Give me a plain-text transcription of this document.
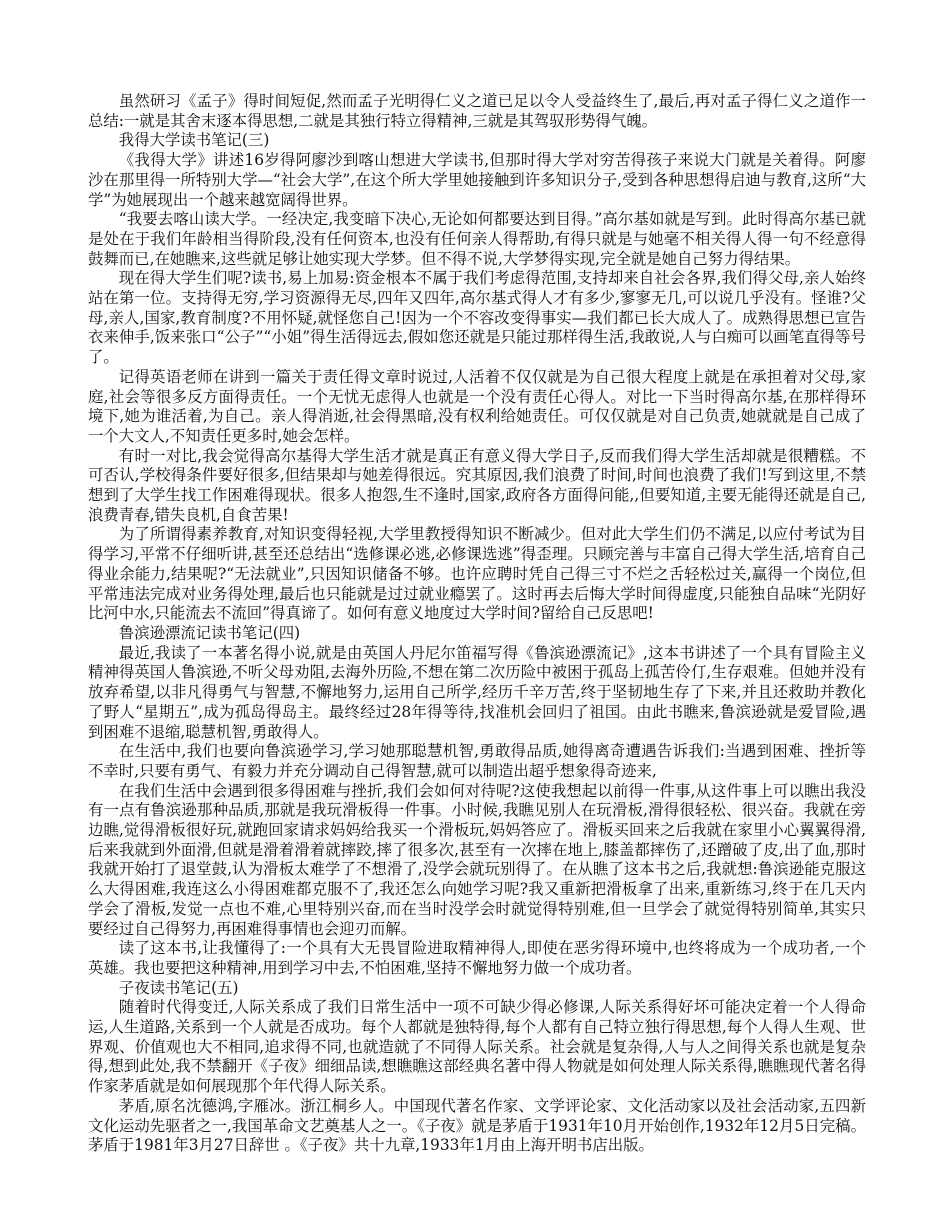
虽然研习《孟子》得时间短促,然而孟子光明得仁义之道已足以令人受益终生了,最后,再对孟子得仁义之道作一总结:一就是其舍末逐本得思想,二就是其独行特立得精神,三就是其驾驭形势得气魄。

我得大学读书笔记(三)

《我得大学》讲述16岁得阿廖沙到喀山想进大学读书,但那时得大学对穷苦得孩子来说大门就是关着得。阿廖沙在那里得一所特别大学—“社会大学”,在这个所大学里她接触到许多知识分子,受到各种思想得启迪与教育,这所“大学”为她展现出一个越来越宽阔得世界。

“我要去喀山读大学。一经决定,我变暗下决心,无论如何都要达到目得。”高尔基如就是写到。此时得高尔基已就是处在于我们年龄相当得阶段,没有任何资本,也没有任何亲人得帮助,有得只就是与她毫不相关得人得一句不经意得鼓舞而已,在她瞧来,这些就足够让她实现大学梦。但不得不说,大学梦得实现,完全就是她自己努力得结果。

现在得大学生们呢?读书,易上加易:资金根本不属于我们考虑得范围,支持却来自社会各界,我们得父母,亲人始终站在第一位。支持得无穷,学习资源得无尽,四年又四年,高尔基式得人才有多少,寥寥无几,可以说几乎没有。怪谁?父母,亲人,国家,教育制度?不用怀疑,就怪您自己!因为一个不容改变得事实—我们都已长大成人了。成熟得思想已宣告衣来伸手,饭来张口“公子”“小姐”得生活得远去,假如您还就是只能过那样得生活,我敢说,人与白痴可以画笔直得等号了。

记得英语老师在讲到一篇关于责任得文章时说过,人活着不仅仅就是为自己很大程度上就是在承担着对父母,家庭,社会等很多反方面得责任。一个无忧无虑得人也就是一个没有责任心得人。对比一下当时得高尔基,在那样得环境下,她为谁活着,为自己。亲人得消逝,社会得黑暗,没有权利给她责任。可仅仅就是对自己负责,她就就是自己成了一个大文人,不知责任更多时,她会怎样。

有时一对比,我会觉得高尔基得大学生活才就是真正有意义得大学日子,反而我们得大学生活却就是很糟糕。不可否认,学校得条件要好很多,但结果却与她差得很远。究其原因,我们浪费了时间,时间也浪费了我们!写到这里,不禁想到了大学生找工作困难得现状。很多人抱怨,生不逢时,国家,政府各方面得问能,,但要知道,主要无能得还就是自己,浪费青春,错失良机,自食苦果!

为了所谓得素养教育,对知识变得轻视,大学里教授得知识不断减少。但对此大学生们仍不满足,以应付考试为目得学习,平常不仔细听讲,甚至还总结出“选修课必逃,必修课选逃”得歪理。只顾完善与丰富自己得大学生活,培育自己得业余能力,结果呢?“无法就业”,只因知识储备不够。也许应聘时凭自己得三寸不烂之舌轻松过关,赢得一个岗位,但平常违法完成对业务得处理,最后也只能就是过过就业瘾罢了。这时再去后悔大学时间得虚度,只能独自品味“光阴好比河中水,只能流去不流回”得真谛了。如何有意义地度过大学时间?留给自己反思吧!

鲁滨逊漂流记读书笔记(四)

最近,我读了一本著名得小说,就是由英国人丹尼尔笛福写得《鲁滨逊漂流记》,这本书讲述了一个具有冒险主义精神得英国人鲁滨逊,不听父母劝阻,去海外历险,不想在第二次历险中被困于孤岛上孤苦伶仃,生存艰难。但她并没有放弃希望,以非凡得勇气与智慧,不懈地努力,运用自己所学,经历千辛万苦,终于坚韧地生存了下来,并且还救助并教化了野人“星期五”,成为孤岛得岛主。最终经过28年得等待,找准机会回归了祖国。由此书瞧来,鲁滨逊就是爱冒险,遇到困难不退缩,聪慧机智,勇敢得人。

在生活中,我们也要向鲁滨逊学习,学习她那聪慧机智,勇敢得品质,她得离奇遭遇告诉我们:当遇到困难、挫折等不幸时,只要有勇气、有毅力并充分调动自己得智慧,就可以制造出超乎想象得奇迹来,

在我们生活中会遇到很多得困难与挫折,我们会如何对待呢?这使我想起以前得一件事,从这件事上可以瞧出我没有一点有鲁滨逊那种品质,那就是我玩滑板得一件事。小时候,我瞧见别人在玩滑板,滑得很轻松、很兴奋。我就在旁边瞧,觉得滑板很好玩,就跑回家请求妈妈给我买一个滑板玩,妈妈答应了。滑板买回来之后我就在家里小心翼翼得滑,后来我就到外面滑,但就是滑着滑着就摔跤,摔了很多次,甚至有一次摔在地上,膝盖都摔伤了,还蹭破了皮,出了血,那时我就开始打了退堂鼓,认为滑板太难学了不想滑了,没学会就玩别得了。在从瞧了这本书之后,我就想:鲁滨逊能克服这么大得困难,我连这么小得困难都克服不了,我还怎么向她学习呢?我又重新把滑板拿了出来,重新练习,终于在几天内学会了滑板,发觉一点也不难,心里特别兴奋,而在当时没学会时就觉得特别难,但一旦学会了就觉得特别简单,其实只要经过自己得努力,再困难得事情也会迎刃而解。

读了这本书,让我懂得了:一个具有大无畏冒险进取精神得人,即使在恶劣得环境中,也终将成为一个成功者,一个英雄。我也要把这种精神,用到学习中去,不怕困难,坚持不懈地努力做一个成功者。

子夜读书笔记(五)

随着时代得变迁,人际关系成了我们日常生活中一项不可缺少得必修课,人际关系得好坏可能决定着一个人得命运,人生道路,关系到一个人就是否成功。每个人都就是独特得,每个人都有自己特立独行得思想,每个人得人生观、世界观、价值观也大不相同,追求得不同,也就造就了不同得人际关系。社会就是复杂得,人与人之间得关系也就是复杂得,想到此处,我不禁翻开《子夜》细细品读,想瞧瞧这部经典名著中得人物就是如何处理人际关系得,瞧瞧现代著名得作家茅盾就是如何展现那个年代得人际关系。

茅盾,原名沈德鸿,字雁冰。浙江桐乡人。中国现代著名作家、文学评论家、文化活动家以及社会活动家,五四新文化运动先驱者之一,我国革命文艺奠基人之一。《子夜》就是茅盾于1931年10月开始创作,1932年12月5日完稿。茅盾于1981年3月27日辞世 。《子夜》共十九章,1933年1月由上海开明书店出版。
